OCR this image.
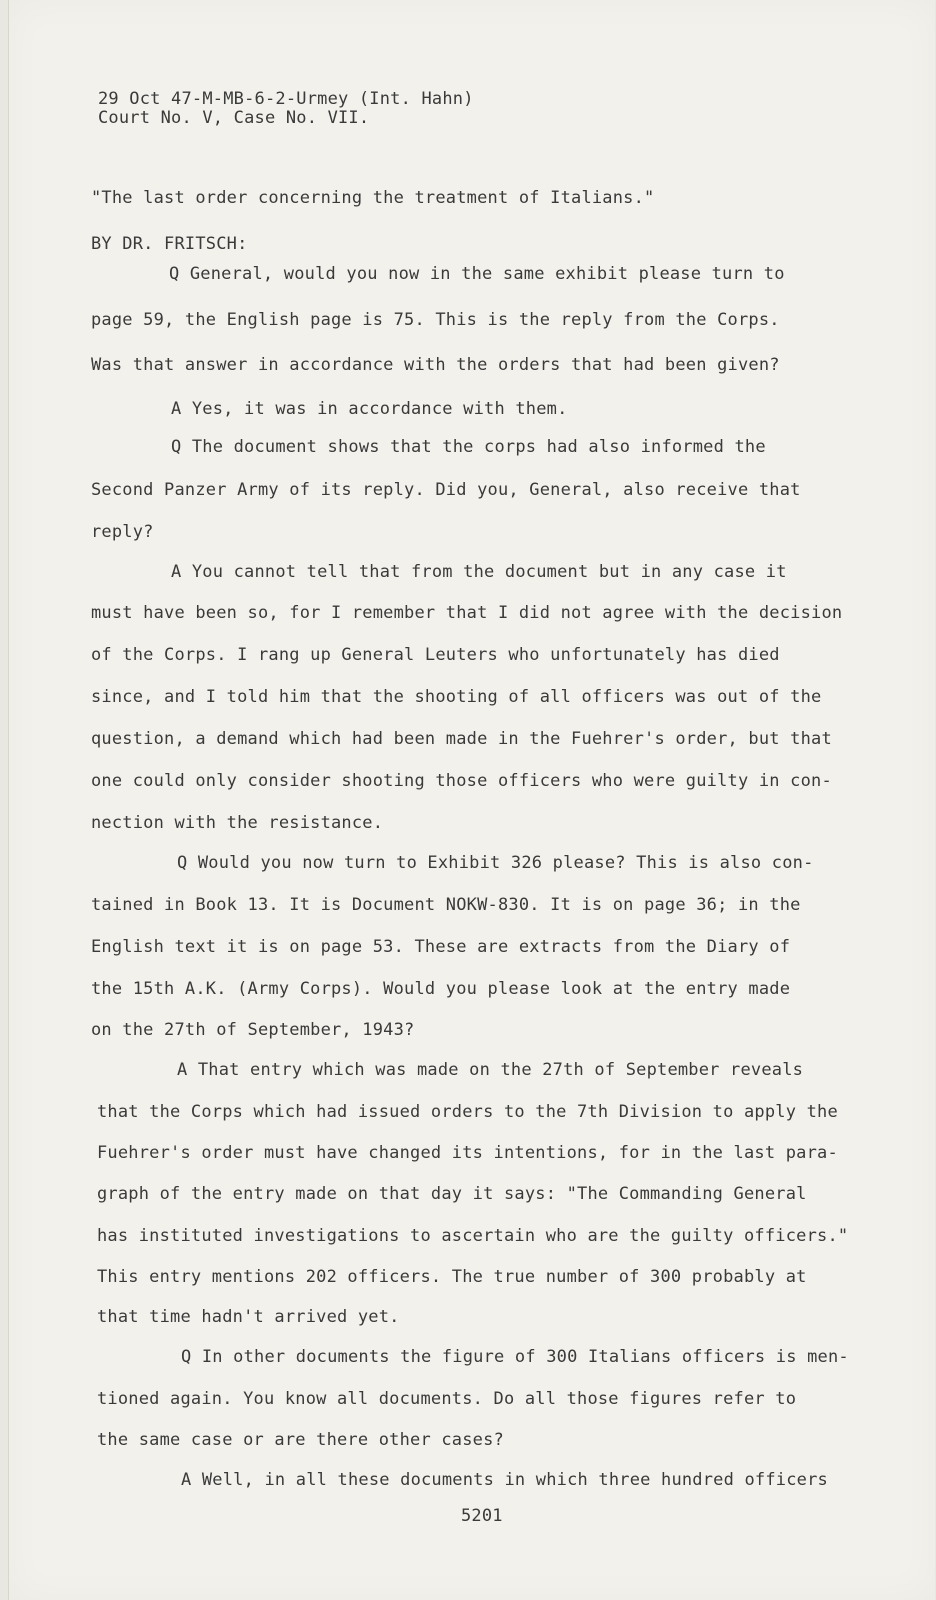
29 Oct 47-M-MB-6-2-Urmey (Int. Hahn)
Court No. V, Case No. VII.
"The last order concerning the treatment of Italians."
BY DR. FRITSCH:
Q General, would you now in the same exhibit please turn to
page 59, the English page is 75. This is the reply from the Corps.
Was that answer in accordance with the orders that had been given?
A Yes, it was in accordance with them.
Q The document shows that the corps had also informed the
Second Panzer Army of its reply. Did you, General, also receive that
reply?
A You cannot tell that from the document but in any case it
must have been so, for I remember that I did not agree with the decision
of the Corps. I rang up General Leuters who unfortunately has died
since, and I told him that the shooting of all officers was out of the
question, a demand which had been made in the Fuehrer's order, but that
one could only consider shooting those officers who were guilty in con-
nection with the resistance.
Q Would you now turn to Exhibit 326 please? This is also con-
tained in Book 13. It is Document NOKW-830. It is on page 36; in the
English text it is on page 53. These are extracts from the Diary of
the 15th A.K. (Army Corps). Would you please look at the entry made
on the 27th of September, 1943?
A That entry which was made on the 27th of September reveals
that the Corps which had issued orders to the 7th Division to apply the
Fuehrer's order must have changed its intentions, for in the last para-
graph of the entry made on that day it says: "The Commanding General
has instituted investigations to ascertain who are the guilty officers."
This entry mentions 202 officers. The true number of 300 probably at
that time hadn't arrived yet.
Q In other documents the figure of 300 Italians officers is men-
tioned again. You know all documents. Do all those figures refer to
the same case or are there other cases?
A Well, in all these documents in which three hundred officers
5201
